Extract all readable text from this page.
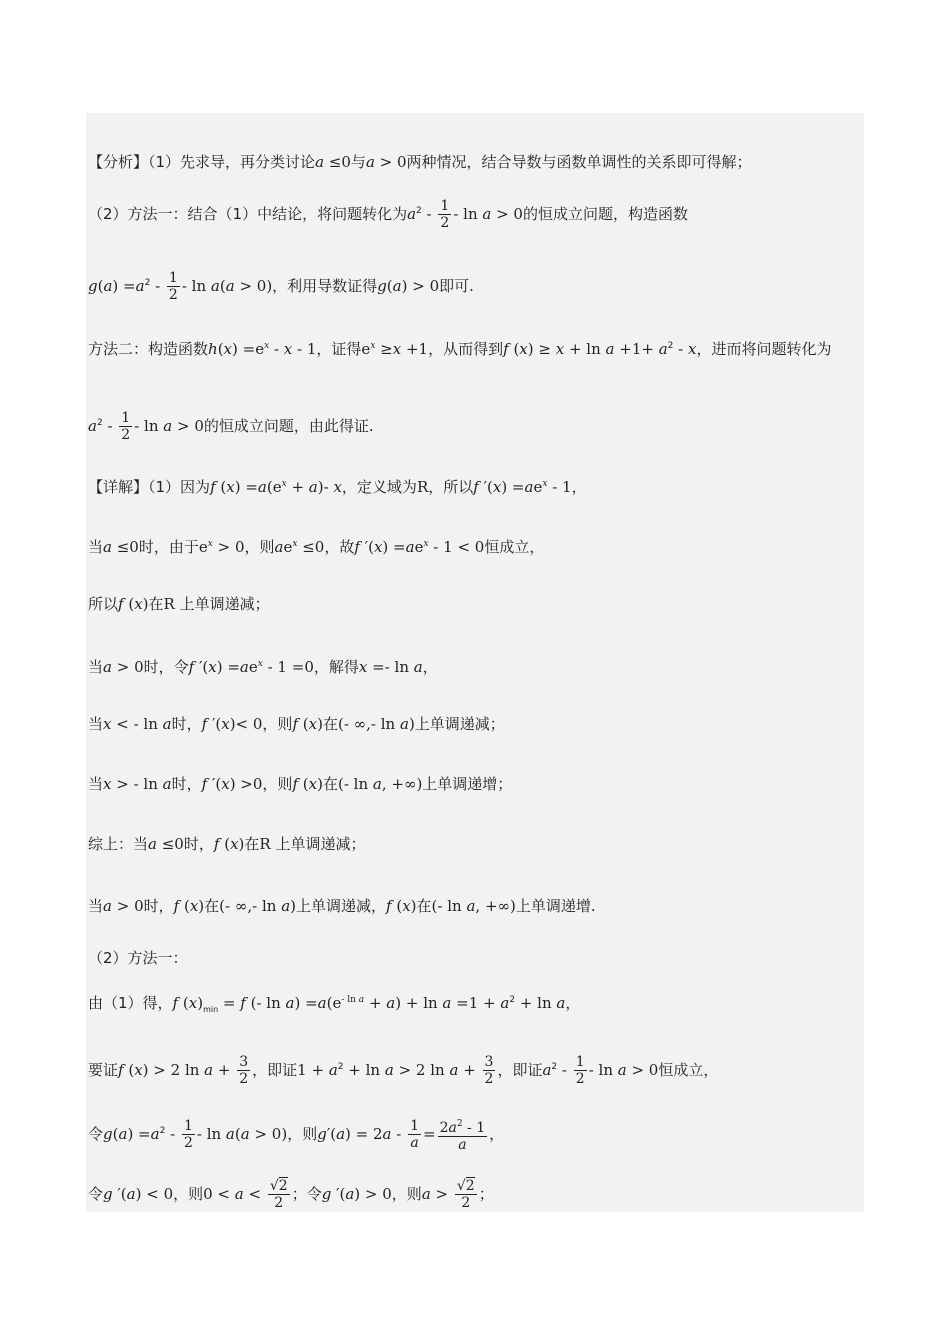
【分析】（1）先求导，再分类讨论a ≤0与a > 0两种情况，结合导数与函数单调性的关系即可得解；
（2）方法一：结合（1）中结论，将问题转化为$a^2 - \frac{1}{2} - \ln a > 0$的恒成立问题，构造函数
$g(a) =a^2 - \frac{1}{2} - \ln a(a > 0)$，利用导数证得g(a) > 0即可.
方法二：构造函数$h(x) =e^x - x - 1$，证得$e^x \ge x +1$，从而得到f $(x) \ge x + \ln a +1+ a^2 - x$，进而将问题转化为
$a^2 - \frac{1}{2} - \ln a > 0$的恒成立问题，由此得证.
【详解】（1）因为f $(x) =a(e^x + a)-$ x，定义域为R，所以f $'(x) =ae^x - 1$，
当a ≤0时，由于$e^x > 0$，则$ae^x \le 0$，故f $'(x) =ae^x - 1 < 0$恒成立，
所以f (x)在R 上单调递减；
当a > 0时，令f $'(x) =ae^x - 1 =0$，解得x =- ln a，
当x < - ln a时，f ′(x)< 0，则f (x)在(- ∞,- ln a)上单调递减；
当x > - ln a时，f ′(x) >0，则f (x)在(- ln a, +∞)上单调递增；
综上：当a ≤0时，f (x)在R 上单调递减；
当a > 0时，f (x)在(- ∞,- ln a)上单调递减，f (x)在(- ln a, +∞)上单调递增.
（2）方法一：
由（1）得，f $(x)_{min} = f$ (- $\ln a) =a(e^{- ln a} + a) + \ln a =1 + a^2 + \ln a$，
要证f (x) > 2 $\ln a + \frac{3}{2}$ ，即证$1 + a^2 + \ln a > 2$ $\ln a + \frac{3}{2}$ ，即证$a^2 - \frac{1}{2} - \ln a > 0$恒成立，
令$g(a) =a^2 - \frac{1}{2} - \ln a(a > 0)$，则$g'(a) = 2a - \frac{1}{a} = \frac{2a^2 - 1}{a}$ ，
令g ′(a) < 0，则$0 < a < \frac{√2}{2}$ ；令g ′(a) > 0，则$a > \frac{√2}{2}$ ；
